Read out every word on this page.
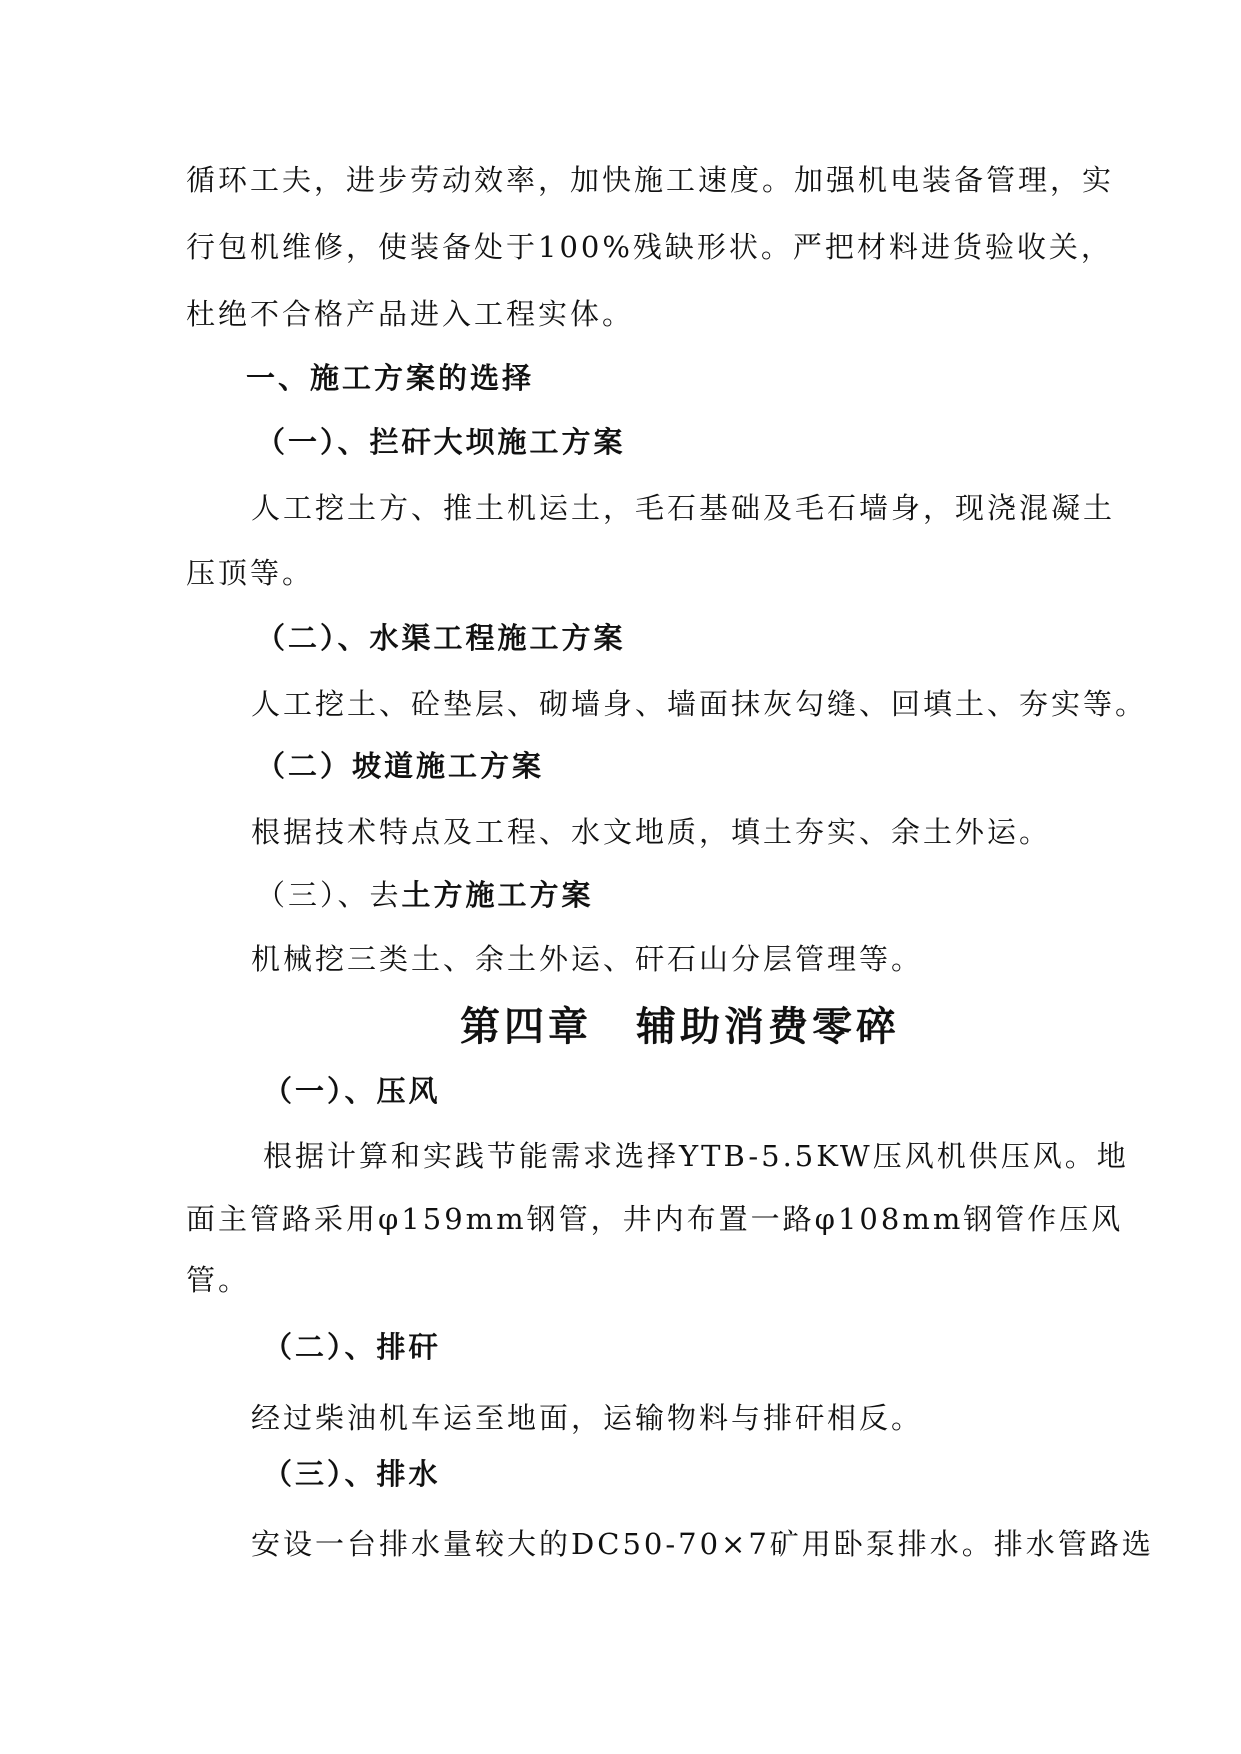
循环工夫，进步劳动效率，加快施工速度。加强机电装备管理，实
行包机维修，使装备处于100%残缺形状。严把材料进货验收关，
杜绝不合格产品进入工程实体。
一、施工方案的选择
（一）、拦矸大坝施工方案
人工挖土方、推土机运土，毛石基础及毛石墙身，现浇混凝土
压顶等。
（二）、水渠工程施工方案
人工挖土、砼垫层、砌墙身、墙面抹灰勾缝、回填土、夯实等。
（二）坡道施工方案
根据技术特点及工程、水文地质，填土夯实、余土外运。
（三）、去土方施工方案
机械挖三类土、余土外运、矸石山分层管理等。
第四章　辅助消费零碎
（一）、压风
根据计算和实践节能需求选择YTB-5.5KW压风机供压风。地
面主管路采用φ159mm钢管，井内布置一路φ108mm钢管作压风
管。
（二）、排矸
经过柴油机车运至地面，运输物料与排矸相反。
（三）、排水
安设一台排水量较大的DC50-70×7矿用卧泵排水。排水管路选
